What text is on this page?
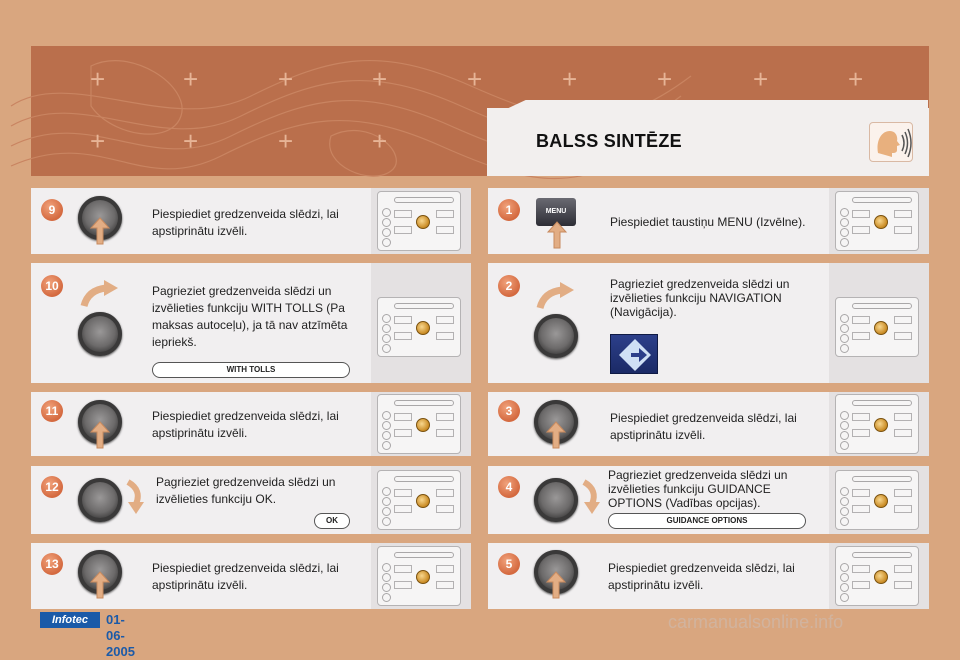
+	+	+	+	+	+	+	+	+
+	+	+	+	BALSS SINTĒZE
9	Piespiediet gredzenveida slēdzi, lai apstiprinātu izvēli.
10	Pagrieziet gredzenveida slēdzi un izvēlieties funkciju WITH TOLLS (Pa maksas autoceļu), ja tā nav atzīmēta iepriekš.
WITH TOLLS
11	Piespiediet gredzenveida slēdzi, lai apstiprinātu izvēli.
12	Pagrieziet gredzenveida slēdzi un izvēlieties funkciju OK.
OK
13	Piespiediet gredzenveida slēdzi, lai apstiprinātu izvēli.
1	MENU
Piespiediet taustiņu MENU (Izvēlne).
2	Pagrieziet gredzenveida slēdzi un izvēlieties funkciju NAVIGATION (Navigācija).
3	Piespiediet gredzenveida slēdzi, lai apstiprinātu izvēli.
4
Pagrieziet gredzenveida slēdzi un izvēlieties funkciju GUIDANCE OPTIONS (Vadības opcijas).
GUIDANCE OPTIONS
5	Piespiediet gredzenveida slēdzi, lai apstiprinātu izvēli.
Infotec	01-06-2005
carmanualsonline.info
